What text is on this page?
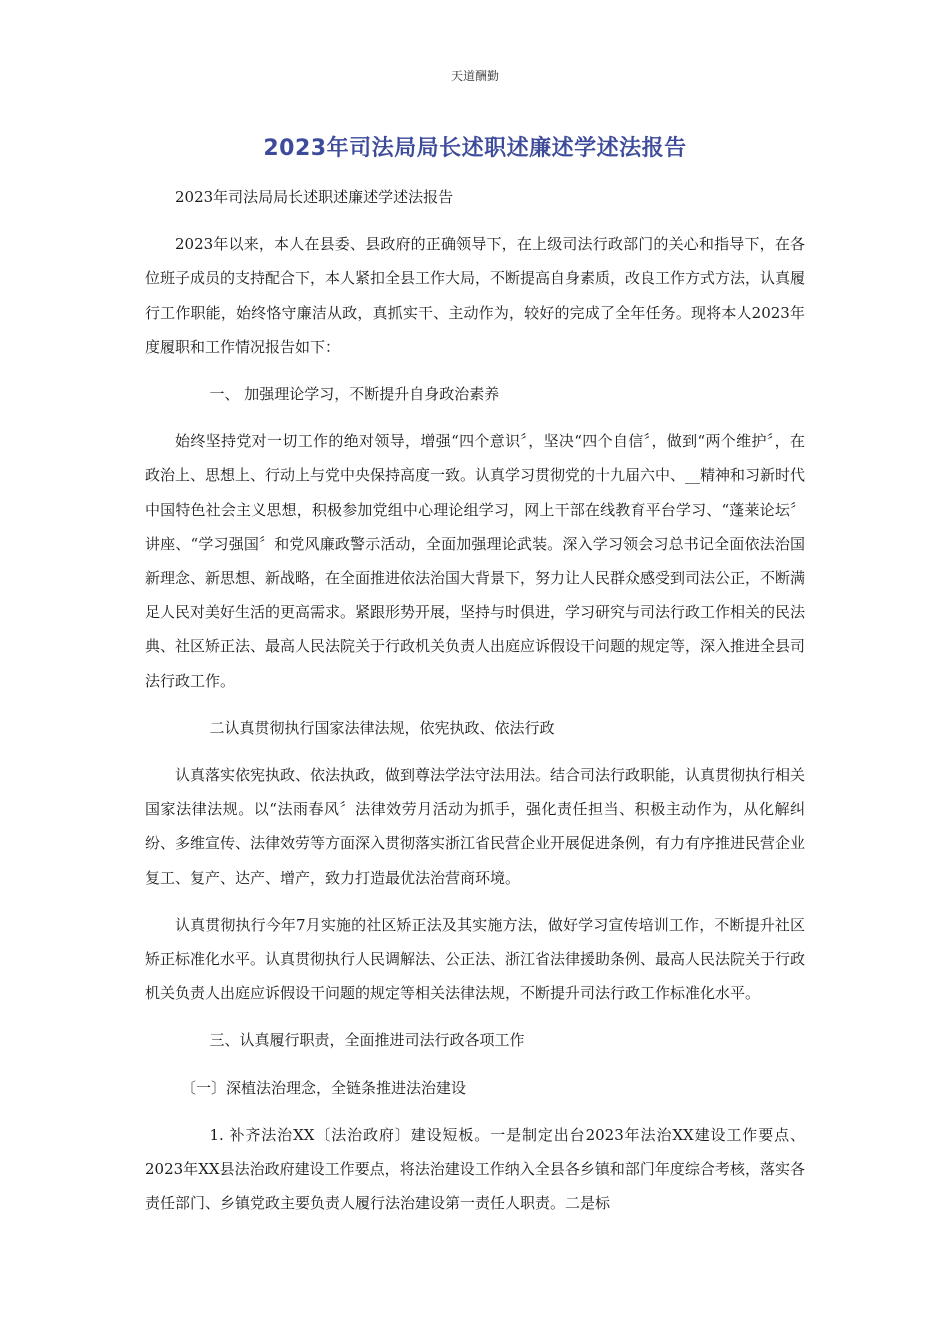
天道酬勤
2023年司法局局长述职述廉述学述法报告

2023年司法局局长述职述廉述学述法报告

2023年以来，本人在县委、县政府的正确领导下，在上级司法行政部门的关心和指导下，在各位班子成员的支持配合下，本人紧扣全县工作大局，不断提高自身素质，改良工作方式方法，认真履行工作职能，始终恪守廉洁从政，真抓实干、主动作为，较好的完成了全年任务。现将本人2023年度履职和工作情况报告如下：

一、 加强理论学习，不断提升自身政治素养

始终坚持党对一切工作的绝对领导，增强“四个意识〞，坚决“四个自信〞，做到“两个维护〞，在政治上、思想上、行动上与党中央保持高度一致。认真学习贯彻党的十九届六中、__精神和习新时代中国特色社会主义思想，积极参加党组中心理论组学习，网上干部在线教育平台学习、“蓬莱论坛〞讲座、“学习强国〞和党风廉政警示活动，全面加强理论武装。深入学习领会习总书记全面依法治国新理念、新思想、新战略，在全面推进依法治国大背景下，努力让人民群众感受到司法公正，不断满足人民对美好生活的更高需求。紧跟形势开展，坚持与时俱进，学习研究与司法行政工作相关的民法典、社区矫正法、最高人民法院关于行政机关负责人出庭应诉假设干问题的规定等，深入推进全县司法行政工作。

二认真贯彻执行国家法律法规，依宪执政、依法行政

认真落实依宪执政、依法执政，做到尊法学法守法用法。结合司法行政职能，认真贯彻执行相关国家法律法规。以“法雨春风〞法律效劳月活动为抓手，强化责任担当、积极主动作为，从化解纠纷、多维宣传、法律效劳等方面深入贯彻落实浙江省民营企业开展促进条例，有力有序推进民营企业复工、复产、达产、增产，致力打造最优法治营商环境。

认真贯彻执行今年7月实施的社区矫正法及其实施方法，做好学习宣传培训工作，不断提升社区矫正标准化水平。认真贯彻执行人民调解法、公正法、浙江省法律援助条例、最高人民法院关于行政机关负责人出庭应诉假设干问题的规定等相关法律法规，不断提升司法行政工作标准化水平。

三、认真履行职责，全面推进司法行政各项工作

〔一〕深植法治理念，全链条推进法治建设

1. 补齐法治XX〔法治政府〕建设短板。一是制定出台2023年法治XX建设工作要点、2023年XX县法治政府建设工作要点，将法治建设工作纳入全县各乡镇和部门年度综合考核，落实各责任部门、乡镇党政主要负责人履行法治建设第一责任人职责。二是标
